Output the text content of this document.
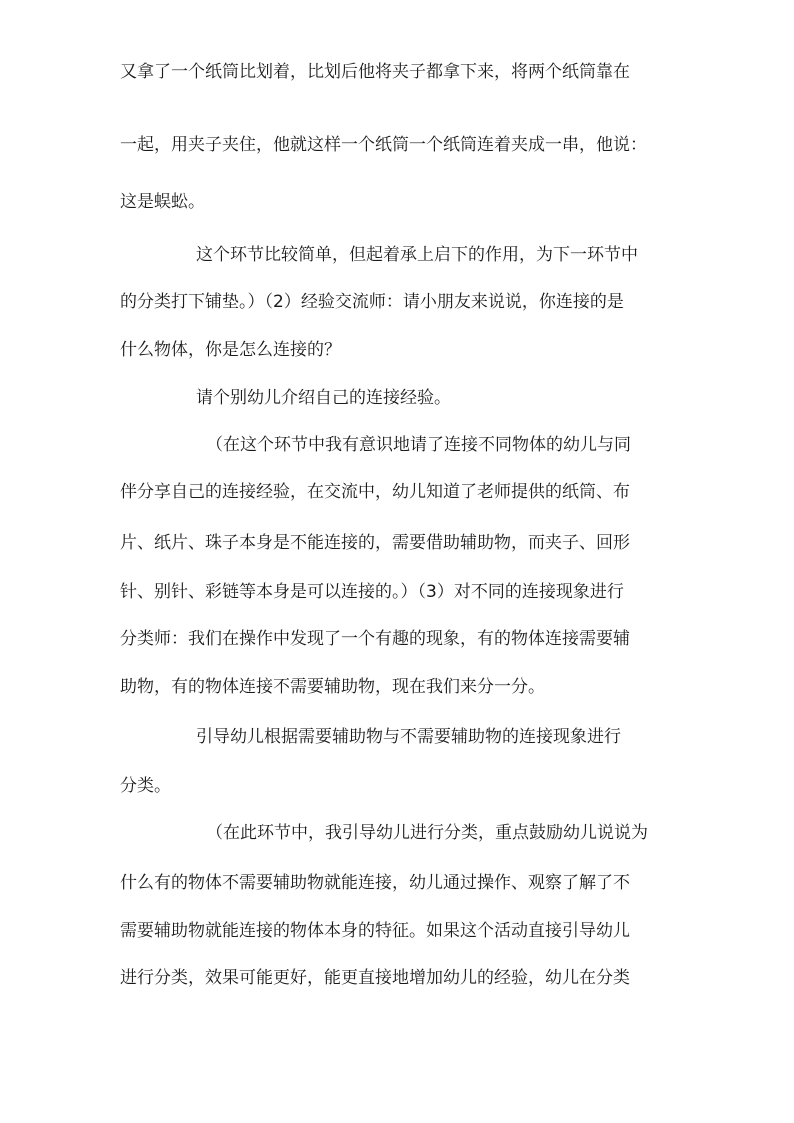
又拿了一个纸筒比划着，比划后他将夹子都拿下来，将两个纸筒靠在
一起，用夹子夹住，他就这样一个纸筒一个纸筒连着夹成一串，他说：
这是蜈蚣。
这个环节比较简单，但起着承上启下的作用，为下一环节中
的分类打下铺垫。）（2）经验交流师：请小朋友来说说，你连接的是
什么物体，你是怎么连接的？
请个别幼儿介绍自己的连接经验。
（在这个环节中我有意识地请了连接不同物体的幼儿与同
伴分享自己的连接经验，在交流中，幼儿知道了老师提供的纸筒、布
片、纸片、珠子本身是不能连接的，需要借助辅助物，而夹子、回形
针、别针、彩链等本身是可以连接的。）（3）对不同的连接现象进行
分类师：我们在操作中发现了一个有趣的现象，有的物体连接需要辅
助物，有的物体连接不需要辅助物，现在我们来分一分。
引导幼儿根据需要辅助物与不需要辅助物的连接现象进行
分类。
（在此环节中，我引导幼儿进行分类，重点鼓励幼儿说说为
什么有的物体不需要辅助物就能连接，幼儿通过操作、观察了解了不
需要辅助物就能连接的物体本身的特征。如果这个活动直接引导幼儿
进行分类，效果可能更好，能更直接地增加幼儿的经验，幼儿在分类
